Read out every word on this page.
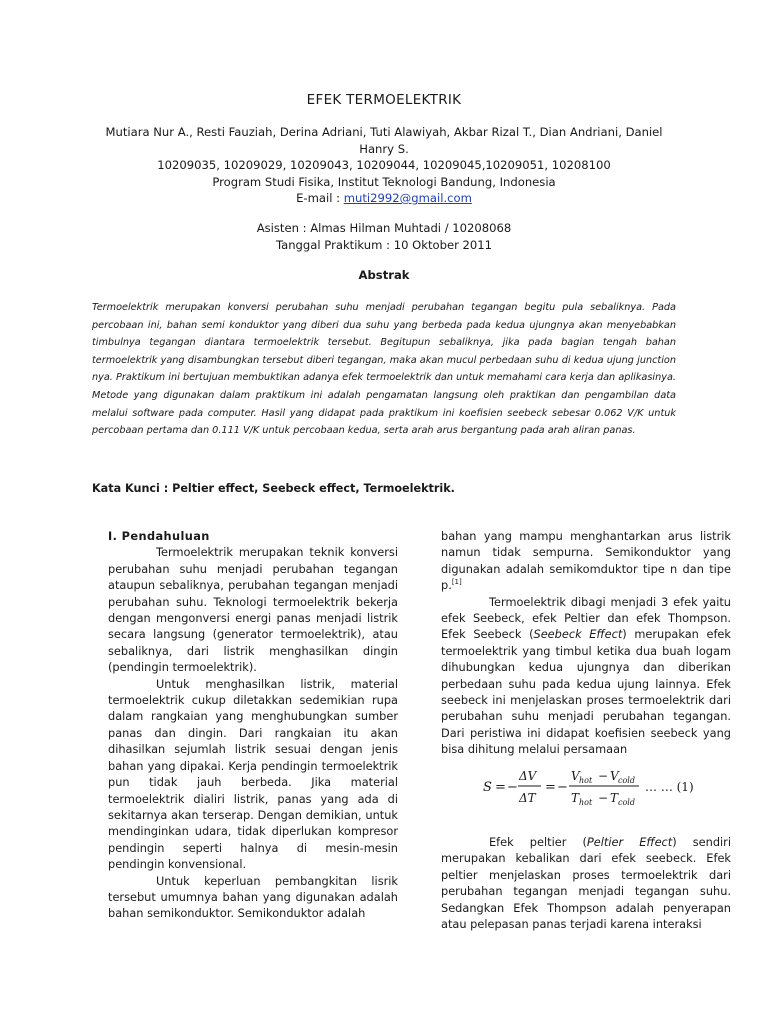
EFEK TERMOELEKTRIK
Mutiara Nur A., Resti Fauziah, Derina Adriani, Tuti Alawiyah, Akbar Rizal T., Dian Andriani, Daniel
Hanry S.
10209035, 10209029, 10209043, 10209044, 10209045,10209051, 10208100
Program Studi Fisika, Institut Teknologi Bandung, Indonesia
E-mail : muti2992@gmail.com
Asisten : Almas Hilman Muhtadi / 10208068
Tanggal Praktikum : 10 Oktober 2011
Abstrak
Termoelektrik merupakan konversi perubahan suhu menjadi perubahan tegangan begitu pula sebaliknya. Pada percobaan ini, bahan semi konduktor yang diberi dua suhu yang berbeda pada kedua ujungnya akan menyebabkan timbulnya tegangan diantara termoelektrik tersebut. Begitupun sebaliknya, jika pada bagian tengah bahan termoelektrik yang disambungkan tersebut diberi tegangan, maka akan mucul perbedaan suhu di kedua ujung junction nya. Praktikum ini bertujuan membuktikan adanya efek termoelektrik dan untuk memahami cara kerja dan aplikasinya. Metode yang digunakan dalam praktikum ini adalah pengamatan langsung oleh praktikan dan pengambilan data melalui software pada computer. Hasil yang didapat pada praktikum ini koefisien seebeck sebesar 0.062 V/K untuk percobaan pertama dan 0.111 V/K untuk percobaan kedua, serta arah arus bergantung pada arah aliran panas.
Kata Kunci : Peltier effect, Seebeck effect, Termoelektrik.
I. Pendahuluan

Termoelektrik merupakan teknik konversi perubahan suhu menjadi perubahan tegangan ataupun sebaliknya, perubahan tegangan menjadi perubahan suhu. Teknologi termoelektrik bekerja dengan mengonversi energi panas menjadi listrik secara langsung (generator termoelektrik), atau sebaliknya, dari listrik menghasilkan dingin (pendingin termoelektrik).

Untuk menghasilkan listrik, material termoelektrik cukup diletakkan sedemikian rupa dalam rangkaian yang menghubungkan sumber panas dan dingin. Dari rangkaian itu akan dihasilkan sejumlah listrik sesuai dengan jenis bahan yang dipakai. Kerja pendingin termoelektrik pun tidak jauh berbeda. Jika material termoelektrik dialiri listrik, panas yang ada di sekitarnya akan terserap. Dengan demikian, untuk mendinginkan udara, tidak diperlukan kompresor pendingin seperti halnya di mesin-mesin pendingin konvensional.

Untuk keperluan pembangkitan lisrik tersebut umumnya bahan yang digunakan adalah bahan semikonduktor. Semikonduktor adalah

bahan yang mampu menghantarkan arus listrik namun tidak sempurna. Semikonduktor yang digunakan adalah semikomduktor tipe n dan tipe p.[1]

Termoelektrik dibagi menjadi 3 efek yaitu efek Seebeck, efek Peltier dan efek Thompson. Efek Seebeck (Seebeck Effect) merupakan efek termoelektrik yang timbul ketika dua buah logam dihubungkan kedua ujungnya dan diberikan perbedaan suhu pada kedua ujung lainnya. Efek seebeck ini menjelaskan proses termoelektrik dari perubahan suhu menjadi perubahan tegangan. Dari peristiwa ini didapat koefisien seebeck yang bisa dihitung melalui persamaan

S = −
ΔV
ΔT
= −
V hot − V cold
T hot − T cold
… … (1)

Efek peltier (Peltier Effect) sendiri merupakan kebalikan dari efek seebeck. Efek peltier menjelaskan proses termoelektrik dari perubahan tegangan menjadi tegangan suhu. Sedangkan Efek Thompson adalah penyerapan atau pelepasan panas terjadi karena interaksi
